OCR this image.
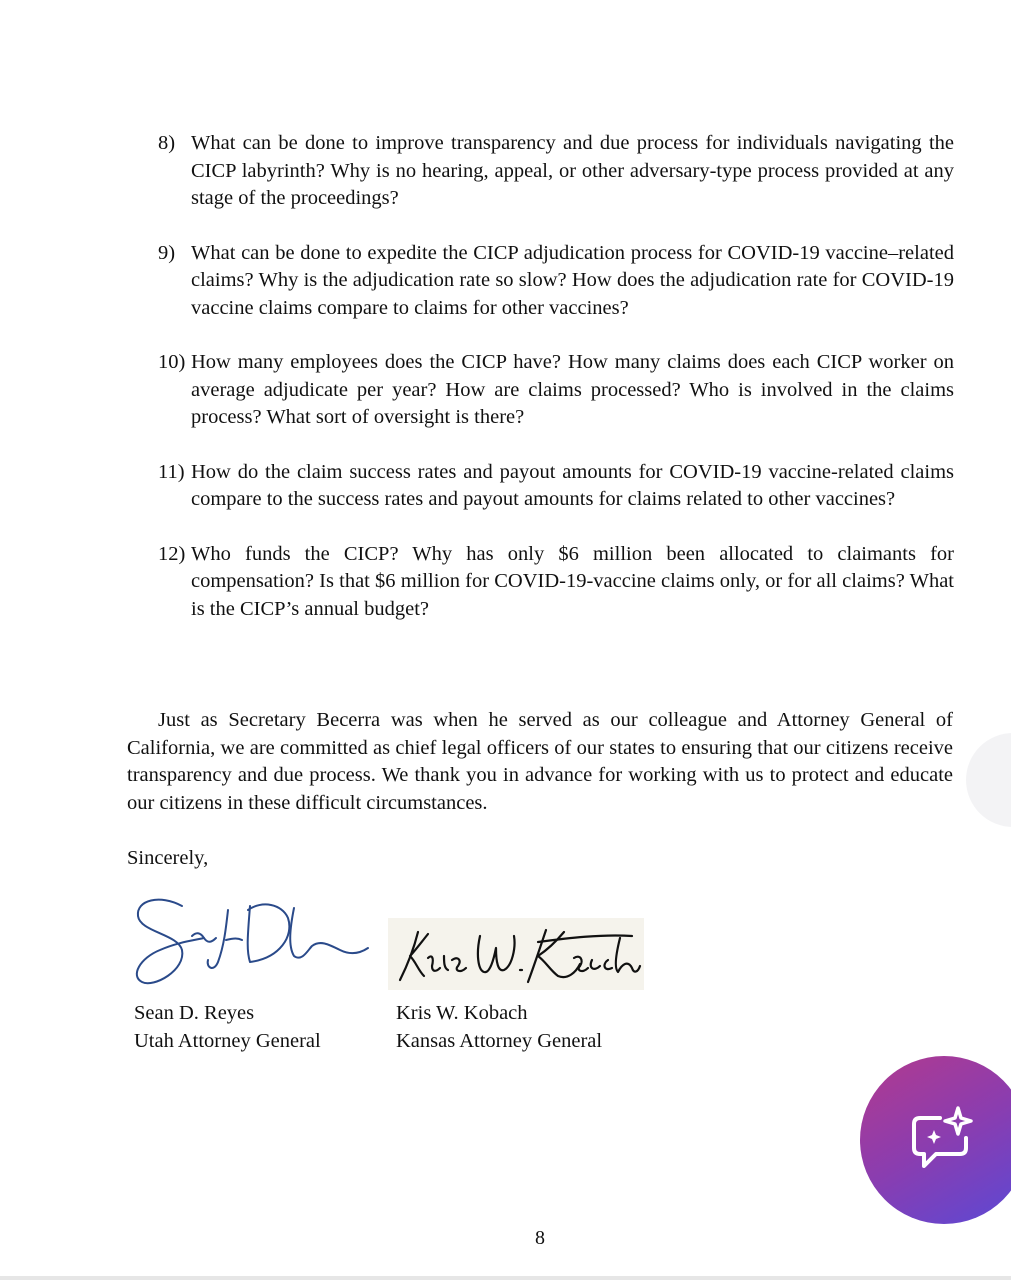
8) What can be done to improve transparency and due process for individuals navigating the CICP labyrinth? Why is no hearing, appeal, or other adversary-type process provided at any stage of the proceedings?
9) What can be done to expedite the CICP adjudication process for COVID-19 vaccine–related claims? Why is the adjudication rate so slow? How does the adjudication rate for COVID-19 vaccine claims compare to claims for other vaccines?
10) How many employees does the CICP have? How many claims does each CICP worker on average adjudicate per year? How are claims processed? Who is involved in the claims process? What sort of oversight is there?
11) How do the claim success rates and payout amounts for COVID-19 vaccine-related claims compare to the success rates and payout amounts for claims related to other vaccines?
12) Who funds the CICP? Why has only $6 million been allocated to claimants for compensation? Is that $6 million for COVID-19-vaccine claims only, or for all claims? What is the CICP’s annual budget?

Just as Secretary Becerra was when he served as our colleague and Attorney General of California, we are committed as chief legal officers of our states to ensuring that our citizens receive transparency and due process. We thank you in advance for working with us to protect and educate our citizens in these difficult circumstances.

Sincerely,

Sean D. Reyes
Utah Attorney General
Kris W. Kobach
Kansas Attorney General
8
